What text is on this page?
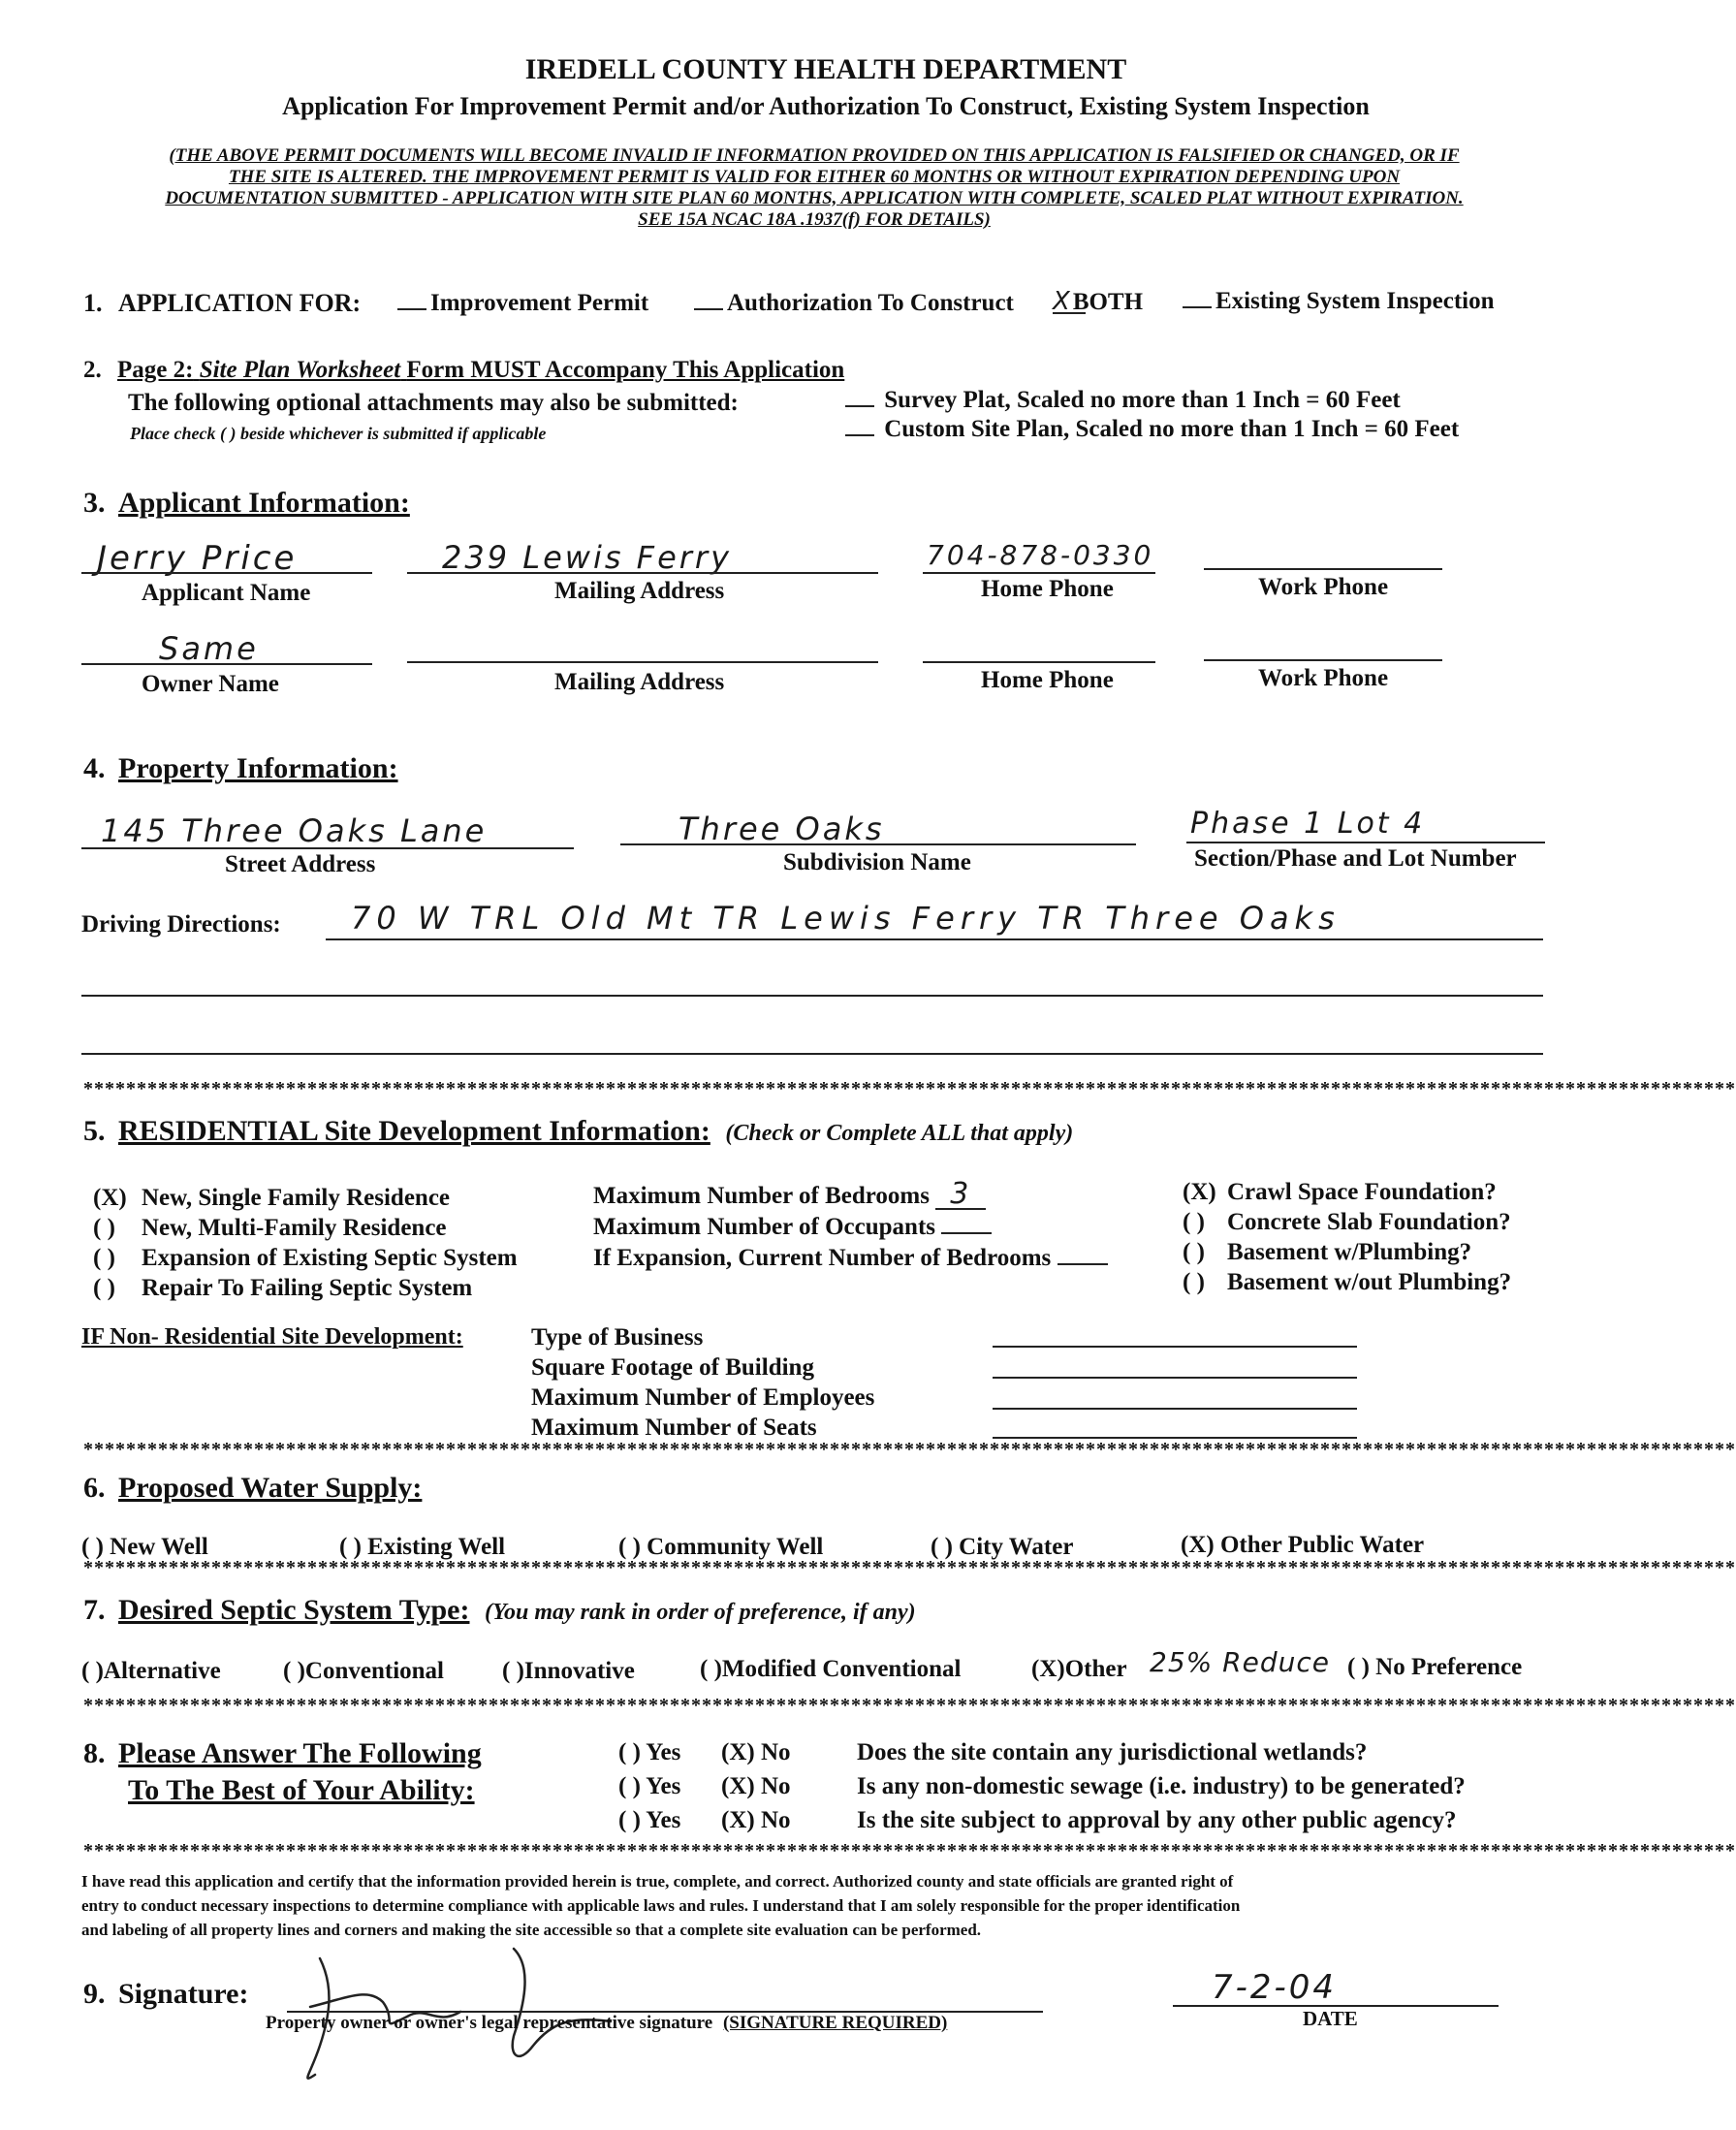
IREDELL COUNTY HEALTH DEPARTMENT
Application For Improvement Permit and/or Authorization To Construct, Existing System Inspection
(THE ABOVE PERMIT DOCUMENTS WILL BECOME INVALID IF INFORMATION PROVIDED ON THIS APPLICATION IS FALSIFIED OR CHANGED, OR IF
THE SITE IS ALTERED. THE IMPROVEMENT PERMIT IS VALID FOR EITHER 60 MONTHS OR WITHOUT EXPIRATION DEPENDING UPON
DOCUMENTATION SUBMITTED - APPLICATION WITH SITE PLAN 60 MONTHS, APPLICATION WITH COMPLETE, SCALED PLAT WITHOUT EXPIRATION.
SEE 15A NCAC 18A .1937(f) FOR DETAILS)
1. APPLICATION FOR:	Improvement Permit	Authorization To Construct XBOTH	Existing System Inspection
2. Page 2: Site Plan Worksheet Form MUST Accompany This Application
The following optional attachments may also be submitted:
Place check ( ) beside whichever is submitted if applicable
Survey Plat, Scaled no more than 1 Inch = 60 Feet
Custom Site Plan, Scaled no more than 1 Inch = 60 Feet
3. Applicant Information:
Jerry Price
Applicant Name
239 Lewis Ferry
Mailing Address
704-878-0330
Home Phone	Work Phone
Same
Owner Name	Mailing Address	Home Phone	Work Phone
4. Property Information:
145 Three Oaks Lane
Street Address
Three Oaks
Subdivision Name
Phase 1 Lot 4
Section/Phase and Lot Number
Driving Directions: 70 W TRL Old Mt TR Lewis Ferry TR Three Oaks
***********************************************************************************************************************************************************
5. RESIDENTIAL Site Development Information: (Check or Complete ALL that apply)
(X) New, Single Family Residence
( ) New, Multi-Family Residence
( ) Expansion of Existing Septic System
( ) Repair To Failing Septic System
Maximum Number of Bedrooms 3
Maximum Number of Occupants
If Expansion, Current Number of Bedrooms
(X) Crawl Space Foundation?
( ) Concrete Slab Foundation?
( ) Basement w/Plumbing?
( ) Basement w/out Plumbing?
IF Non- Residential Site Development:	Type of Business
Square Footage of Building
Maximum Number of Employees
Maximum Number of Seats
***********************************************************************************************************************************************************
6. Proposed Water Supply:
( ) New Well	( ) Existing Well	( ) Community Well	( ) City Water	(X) Other Public Water
***********************************************************************************************************************************************************
7. Desired Septic System Type: (You may rank in order of preference, if any)
( )Alternative	( )Conventional ( )Innovative	( )Modified Conventional	(X)Other 25% Reduce ( ) No Preference
***********************************************************************************************************************************************************
8. Please Answer The Following
To The Best of Your Ability:
( ) Yes (X) No	Does the site contain any jurisdictional wetlands?
( ) Yes (X) No	Is any non-domestic sewage (i.e. industry) to be generated?
( ) Yes (X) No	Is the site subject to approval by any other public agency?
***********************************************************************************************************************************************************
I have read this application and certify that the information provided herein is true, complete, and correct. Authorized county and state officials are granted right of
entry to conduct necessary inspections to determine compliance with applicable laws and rules. I understand that I am solely responsible for the proper identification
and labeling of all property lines and corners and making the site accessible so that a complete site evaluation can be performed.
9. Signature:
Property owner or owner's legal representative signature (SIGNATURE REQUIRED)
7-2-04
DATE
